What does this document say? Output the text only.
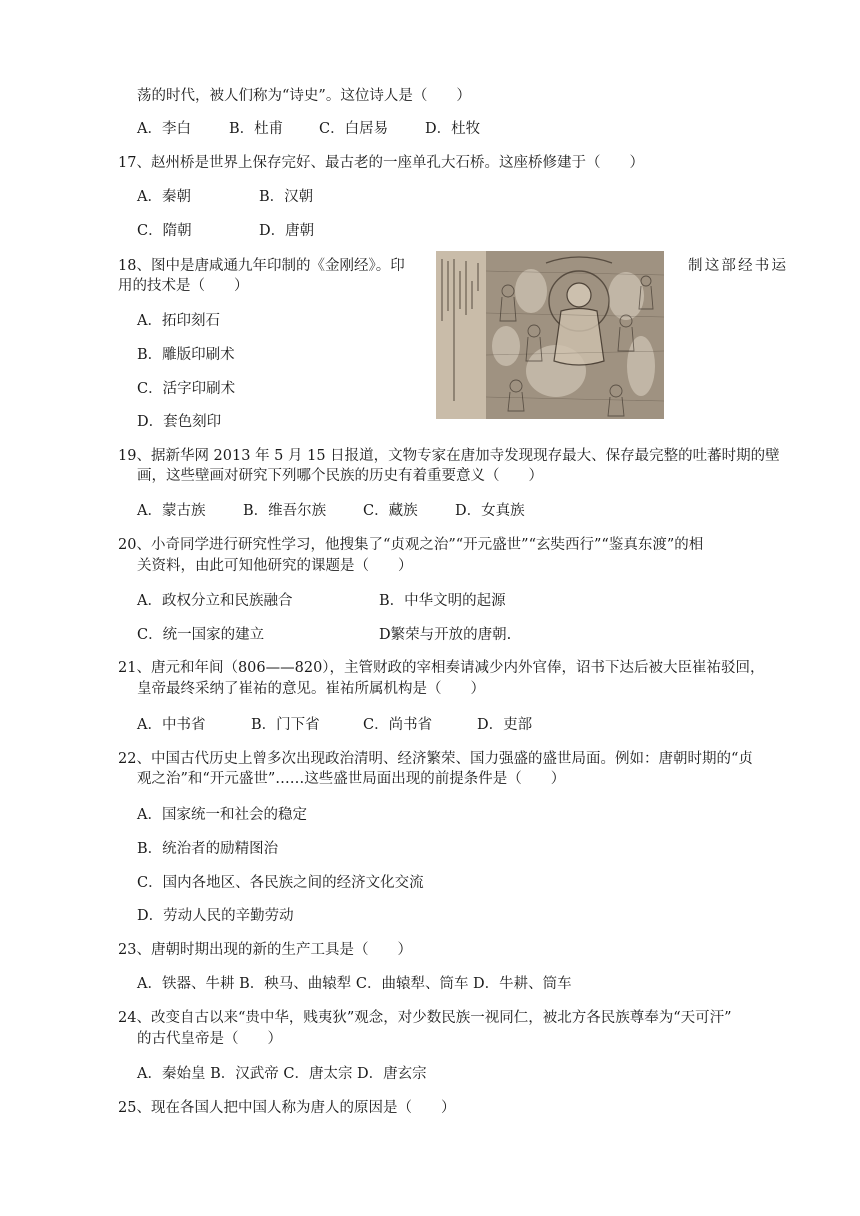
荡的时代，被人们称为“诗史”。这位诗人是（　　）
A．李白	B．杜甫 C．白居易	D．杜牧
17、赵州桥是世界上保存完好、最古老的一座单孔大石桥。这座桥修建于（　　）
A．秦朝	B．汉朝
C．隋朝	D．唐朝
18、图中是唐咸通九年印制的《金刚经》。印	制这部经书运
用的技术是（　　）
A．拓印刻石
B．雕版印刷术
C．活字印刷术
D．套色刻印
19、据新华网 2013 年 5 月 15 日报道，文物专家在唐加寺发现现存最大、保存最完整的吐蕃时期的壁
画，这些壁画对研究下列哪个民族的历史有着重要意义（　　）
A．蒙古族	B．维吾尔族	C．藏族	D．女真族
20、小奇同学进行研究性学习，他搜集了“贞观之治”“开元盛世”“玄奘西行”“鉴真东渡”的相
关资料，由此可知他研究的课题是（　　）
A．政权分立和民族融合	B．中华文明的起源
C．统一国家的建立	D繁荣与开放的唐朝.
21、唐元和年间（806——820），主管财政的宰相奏请减少内外官俸，诏书下达后被大臣崔祐驳回，
皇帝最终采纳了崔祐的意见。崔祐所属机构是（　　）
A．中书省	B．门下省	C．尚书省	D．吏部
22、中国古代历史上曾多次出现政治清明、经济繁荣、国力强盛的盛世局面。例如：唐朝时期的“贞
观之治”和“开元盛世”……这些盛世局面出现的前提条件是（　　）
A．国家统一和社会的稳定
B．统治者的励精图治
C．国内各地区、各民族之间的经济文化交流
D．劳动人民的辛勤劳动
23、唐朝时期出现的新的生产工具是（　　）
A．铁器、牛耕 B．秧马、曲辕犁 C．曲辕犁、筒车 D．牛耕、筒车
24、改变自古以来“贵中华，贱夷狄”观念，对少数民族一视同仁，被北方各民族尊奉为“天可汗”
的古代皇帝是（　　）
A．秦始皇 B．汉武帝 C．唐太宗 D．唐玄宗
25、现在各国人把中国人称为唐人的原因是（　　）
